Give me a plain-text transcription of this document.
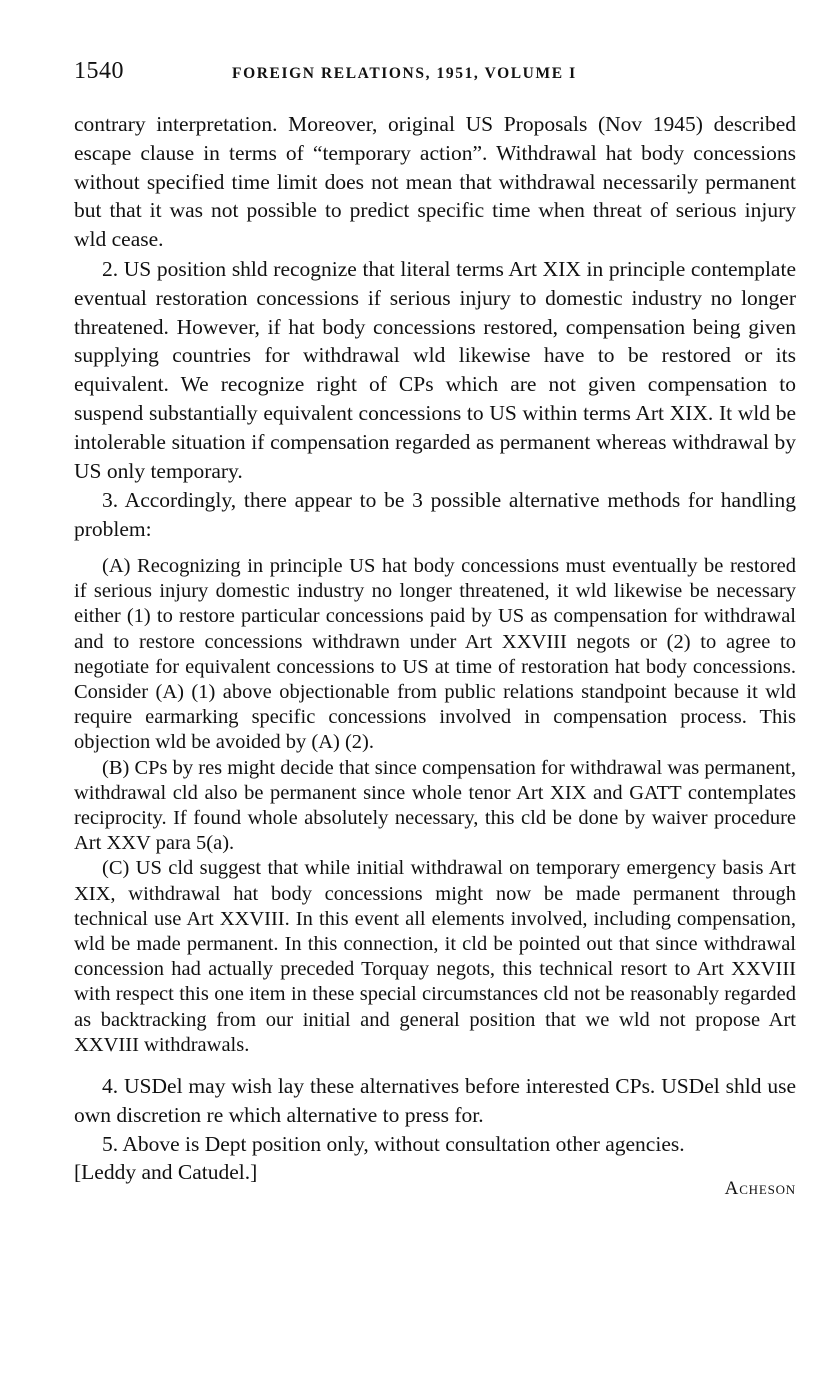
1540	FOREIGN RELATIONS, 1951, VOLUME I

contrary interpretation. Moreover, original US Proposals (Nov 1945) described escape clause in terms of “temporary action”. Withdrawal hat body concessions without specified time limit does not mean that withdrawal necessarily permanent but that it was not possible to predict specific time when threat of serious injury wld cease.

2. US position shld recognize that literal terms Art XIX in principle contemplate eventual restoration concessions if serious injury to domestic industry no longer threatened. However, if hat body concessions restored, compensation being given supplying countries for withdrawal wld likewise have to be restored or its equivalent. We recognize right of CPs which are not given compensation to suspend substantially equivalent concessions to US within terms Art XIX. It wld be intolerable situation if compensation regarded as permanent whereas withdrawal by US only temporary.

3. Accordingly, there appear to be 3 possible alternative methods for handling problem:

(A) Recognizing in principle US hat body concessions must eventually be restored if serious injury domestic industry no longer threatened, it wld likewise be necessary either (1) to restore particular concessions paid by US as compensation for withdrawal and to restore concessions withdrawn under Art XXVIII negots or (2) to agree to negotiate for equivalent concessions to US at time of restoration hat body concessions. Consider (A) (1) above objectionable from public relations standpoint because it wld require earmarking specific concessions involved in compensation process. This objection wld be avoided by (A) (2).

(B) CPs by res might decide that since compensation for withdrawal was permanent, withdrawal cld also be permanent since whole tenor Art XIX and GATT contemplates reciprocity. If found whole absolutely necessary, this cld be done by waiver procedure Art XXV para 5(a).

(C) US cld suggest that while initial withdrawal on temporary emergency basis Art XIX, withdrawal hat body concessions might now be made permanent through technical use Art XXVIII. In this event all elements involved, including compensation, wld be made permanent. In this connection, it cld be pointed out that since withdrawal concession had actually preceded Torquay negots, this technical resort to Art XXVIII with respect this one item in these special circumstances cld not be reasonably regarded as backtracking from our initial and general position that we wld not propose Art XXVIII withdrawals.

4. USDel may wish lay these alternatives before interested CPs. USDel shld use own discretion re which alternative to press for.

5. Above is Dept position only, without consultation other agencies.

[Leddy and Catudel.]
Acheson
